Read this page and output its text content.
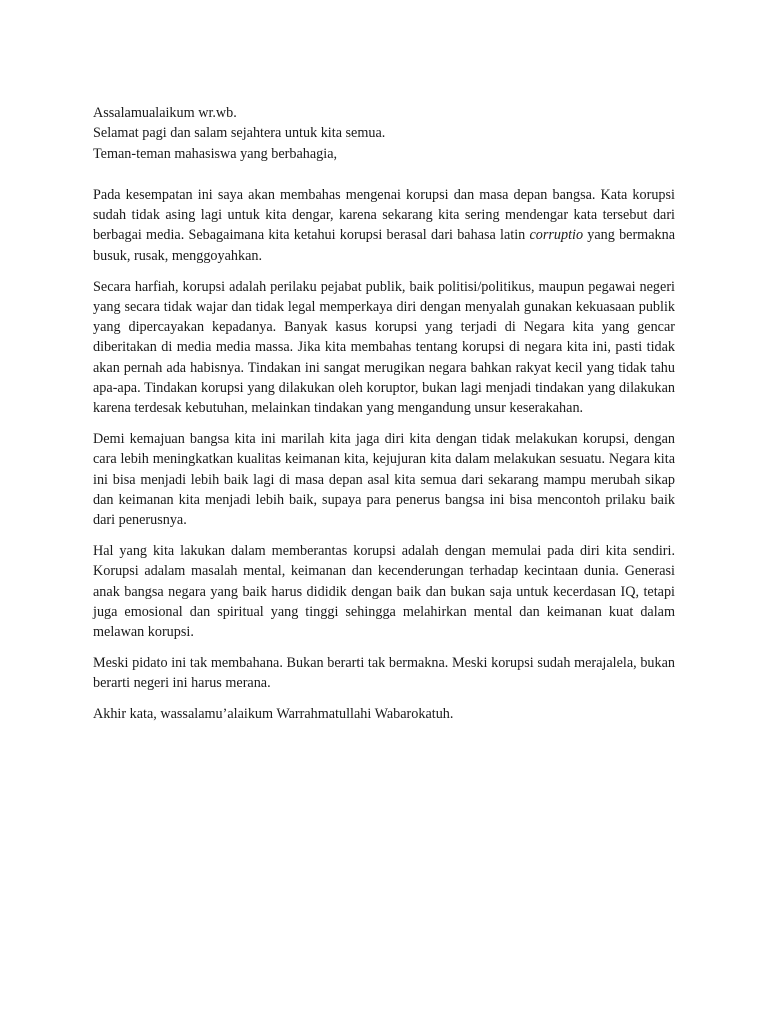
Assalamualaikum wr.wb.

Selamat pagi dan salam sejahtera untuk kita semua.

Teman-teman mahasiswa yang berbahagia,

Pada kesempatan ini saya akan membahas mengenai korupsi dan masa depan bangsa. Kata korupsi sudah tidak asing lagi untuk kita dengar, karena sekarang kita sering mendengar kata tersebut dari berbagai media. Sebagaimana kita ketahui korupsi berasal dari bahasa latin corruptio yang bermakna busuk, rusak, menggoyahkan.

Secara harfiah, korupsi adalah perilaku pejabat publik, baik politisi/politikus, maupun pegawai negeri yang secara tidak wajar dan tidak legal memperkaya diri dengan menyalah gunakan kekuasaan publik yang dipercayakan kepadanya. Banyak kasus korupsi yang terjadi di Negara kita yang gencar diberitakan di media media massa. Jika kita membahas tentang korupsi di negara kita ini, pasti tidak akan pernah ada habisnya. Tindakan ini sangat merugikan negara bahkan rakyat kecil yang tidak tahu apa-apa. Tindakan korupsi yang dilakukan oleh koruptor, bukan lagi menjadi tindakan yang dilakukan karena terdesak kebutuhan, melainkan tindakan yang mengandung unsur keserakahan.

Demi kemajuan bangsa kita ini marilah kita jaga diri kita dengan tidak melakukan korupsi, dengan cara lebih meningkatkan kualitas keimanan kita, kejujuran kita dalam melakukan sesuatu. Negara kita ini bisa menjadi lebih baik lagi di masa depan asal kita semua dari sekarang mampu merubah sikap dan keimanan kita menjadi lebih baik, supaya para penerus bangsa ini bisa mencontoh prilaku baik dari penerusnya.

Hal yang kita lakukan dalam memberantas korupsi adalah dengan memulai pada diri kita sendiri. Korupsi adalam masalah mental, keimanan dan kecenderungan terhadap kecintaan dunia. Generasi anak bangsa negara yang baik harus dididik dengan baik dan bukan saja untuk kecerdasan IQ, tetapi juga emosional dan spiritual yang tinggi sehingga melahirkan mental dan keimanan kuat dalam melawan korupsi.

Meski pidato ini tak membahana. Bukan berarti tak bermakna. Meski korupsi sudah merajalela, bukan berarti negeri ini harus merana.

Akhir kata, wassalamu’alaikum Warrahmatullahi Wabarokatuh.
